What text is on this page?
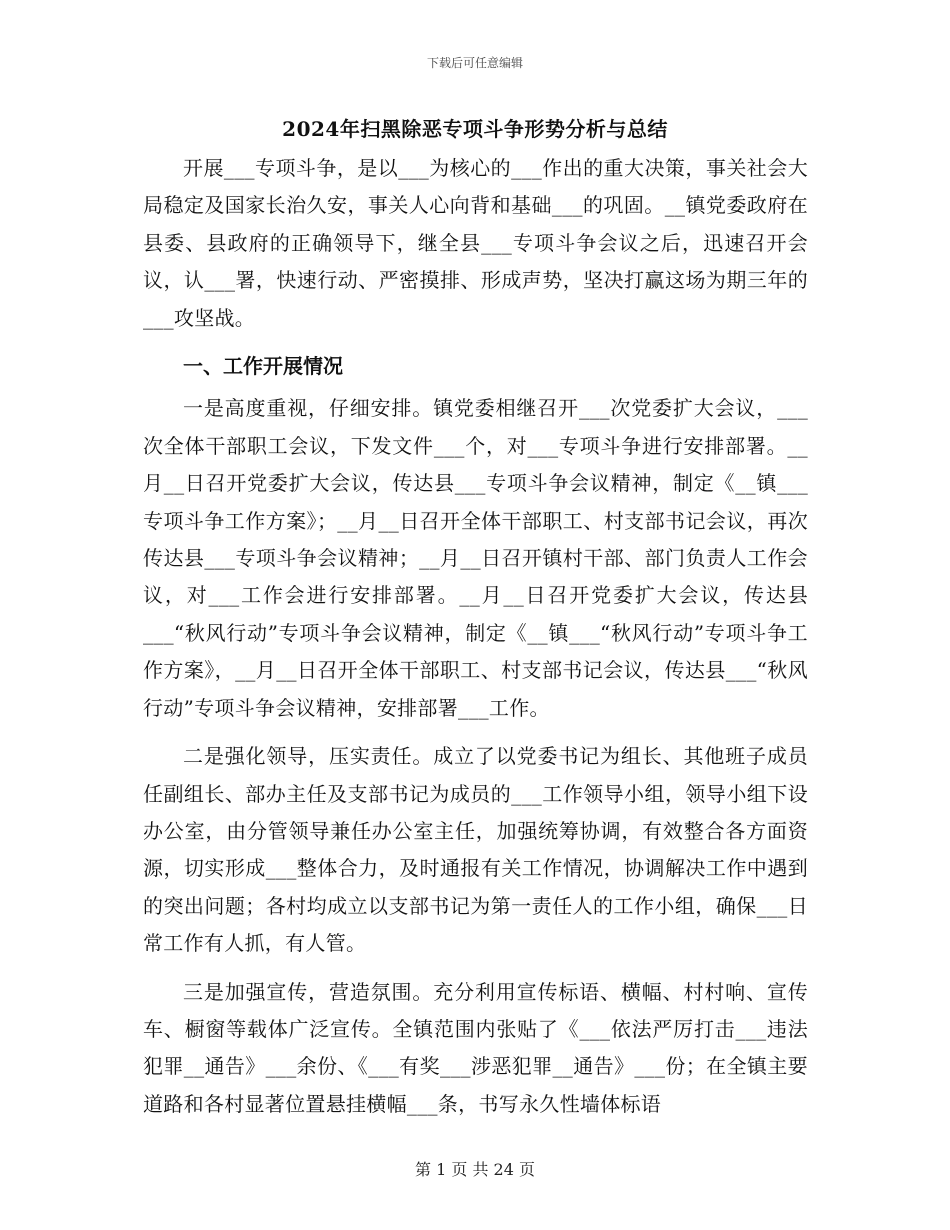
下载后可任意编辑
2024年扫黑除恶专项斗争形势分析与总结

开展___专项斗争，是以___为核心的___作出的重大决策，事关社会大局稳定及国家长治久安，事关人心向背和基础___的巩固。__镇党委政府在县委、县政府的正确领导下，继全县___专项斗争会议之后，迅速召开会议，认___署，快速行动、严密摸排、形成声势，坚决打赢这场为期三年的___攻坚战。

一、工作开展情况

一是高度重视，仔细安排。镇党委相继召开___次党委扩大会议，___次全体干部职工会议，下发文件___个，对___专项斗争进行安排部署。__月__日召开党委扩大会议，传达县___专项斗争会议精神，制定《__镇___专项斗争工作方案》；__月__日召开全体干部职工、村支部书记会议，再次传达县___专项斗争会议精神；__月__日召开镇村干部、部门负责人工作会议，对___工作会进行安排部署。__月__日召开党委扩大会议，传达县___“秋风行动”专项斗争会议精神，制定《__镇___“秋风行动”专项斗争工作方案》，__月__日召开全体干部职工、村支部书记会议，传达县___“秋风行动”专项斗争会议精神，安排部署___工作。

二是强化领导，压实责任。成立了以党委书记为组长、其他班子成员任副组长、部办主任及支部书记为成员的___工作领导小组，领导小组下设办公室，由分管领导兼任办公室主任，加强统筹协调，有效整合各方面资源，切实形成___整体合力，及时通报有关工作情况，协调解决工作中遇到的突出问题；各村均成立以支部书记为第一责任人的工作小组，确保___日常工作有人抓，有人管。

三是加强宣传，营造氛围。充分利用宣传标语、横幅、村村响、宣传车、橱窗等载体广泛宣传。全镇范围内张贴了《___依法严厉打击___违法犯罪__通告》___余份、《___有奖___涉恶犯罪__通告》___份；在全镇主要道路和各村显著位置悬挂横幅___条，书写永久性墙体标语

第 1 页 共 24 页
